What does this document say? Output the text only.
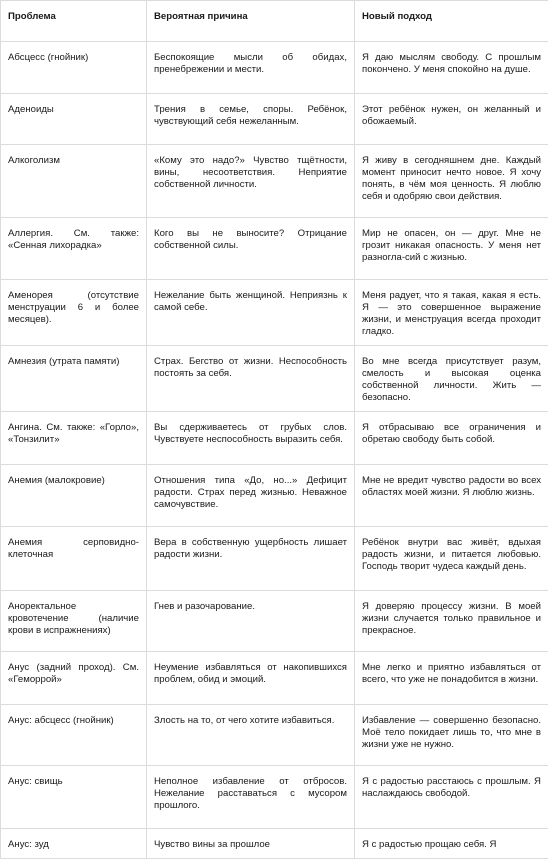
Проблема	Вероятная причина	Новый подход
Абсцесс (гнойник)	Беспокоящие мысли об обидах, пренебрежении и мести.	Я даю мыслям свободу. С прошлым покончено. У меня спокойно на душе.
Аденоиды	Трения в семье, споры. Ребёнок, чувствующий себя нежеланным.	Этот ребёнок нужен, он желанный и обожаемый.
Алкоголизм	«Кому это надо?» Чувство тщётности, вины, несоответствия. Неприятие собственной личности.	Я живу в сегодняшнем дне. Каждый момент приносит нечто новое. Я хочу понять, в чём моя ценность. Я люблю себя и одобряю свои действия.
Аллергия. См. также: «Сенная лихорадка»	Кого вы не выносите? Отрицание собственной силы.	Мир не опасен, он — друг. Мне не грозит никакая опасность. У меня нет разногла-сий с жизнью.
Аменорея (отсутствие менструации 6 и более месяцев).	Нежелание быть женщиной. Неприязнь к самой себе.	Меня радует, что я такая, какая я есть. Я — это совершенное выражение жизни, и менструация всегда проходит гладко.
Амнезия (утрата памяти)	Страх. Бегство от жизни. Неспособность постоять за себя.	Во мне всегда присутствует разум, смелость и высокая оценка собственной личности. Жить — безопасно.
Ангина. См. также: «Горло», «Тонзилит»	Вы сдерживаетесь от грубых слов. Чувствуете неспособность выразить себя.	Я отбрасываю все ограничения и обретаю свободу быть собой.
Анемия (малокровие)	Отношения типа «До, но...» Дефицит радости. Страх перед жизнью. Неважное самочувствие.	Мне не вредит чувство радости во всех областях моей жизни. Я люблю жизнь.
Анемия серповидно-клеточная	Вера в собственную ущербность лишает радости жизни.	Ребёнок внутри вас живёт, вдыхая радость жизни, и питается любовью. Господь творит чудеса каждый день.
Аноректальное кровотечение (наличие крови в испражнениях)	Гнев и разочарование.	Я доверяю процессу жизни. В моей жизни случается только правильное и прекрасное.
Анус (задний проход). См. «Геморрой»	Неумение избавляться от накопившихся проблем, обид и эмоций.	Мне легко и приятно избавляться от всего, что уже не понадобится в жизни.
Анус: абсцесс (гнойник)	Злость на то, от чего хотите избавиться.	Избавление — совершенно безопасно. Моё тело покидает лишь то, что мне в жизни уже не нужно.
Анус: свищь	Неполное избавление от отбросов. Нежелание расставаться с мусором прошлого.	Я с радостью расстаюсь с прошлым. Я наслаждаюсь свободой.
Анус: зуд	Чувство вины за прошлое	Я с радостью прощаю себя. Я
